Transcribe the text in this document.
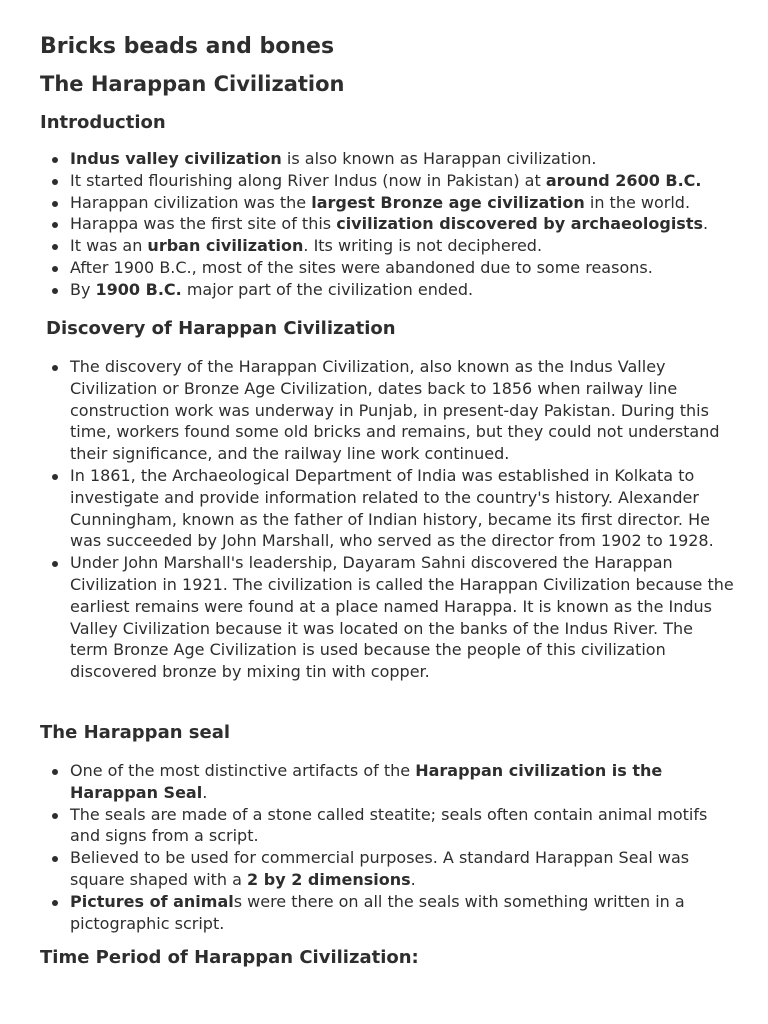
Bricks beads and bones
The Harappan Civilization
Introduction
Indus valley civilization is also known as Harappan civilization.
It started flourishing along River Indus (now in Pakistan) at around 2600 B.C.
Harappan civilization was the largest Bronze age civilization in the world.
Harappa was the first site of this civilization discovered by archaeologists.
It was an urban civilization. Its writing is not deciphered.
After 1900 B.C., most of the sites were abandoned due to some reasons.
By 1900 B.C. major part of the civilization ended.
Discovery of Harappan Civilization
The discovery of the Harappan Civilization, also known as the Indus Valley Civilization or Bronze Age Civilization, dates back to 1856 when railway line construction work was underway in Punjab, in present-day Pakistan. During this time, workers found some old bricks and remains, but they could not understand their significance, and the railway line work continued.
In 1861, the Archaeological Department of India was established in Kolkata to investigate and provide information related to the country's history. Alexander Cunningham, known as the father of Indian history, became its first director. He was succeeded by John Marshall, who served as the director from 1902 to 1928.
Under John Marshall's leadership, Dayaram Sahni discovered the Harappan Civilization in 1921. The civilization is called the Harappan Civilization because the earliest remains were found at a place named Harappa. It is known as the Indus Valley Civilization because it was located on the banks of the Indus River. The term Bronze Age Civilization is used because the people of this civilization discovered bronze by mixing tin with copper.
The Harappan seal
One of the most distinctive artifacts of the Harappan civilization is the Harappan Seal.
The seals are made of a stone called steatite; seals often contain animal motifs and signs from a script.
Believed to be used for commercial purposes. A standard Harappan Seal was square shaped with a 2 by 2 dimensions.
Pictures of animals were there on all the seals with something written in a pictographic script.
Time Period of Harappan Civilization:
